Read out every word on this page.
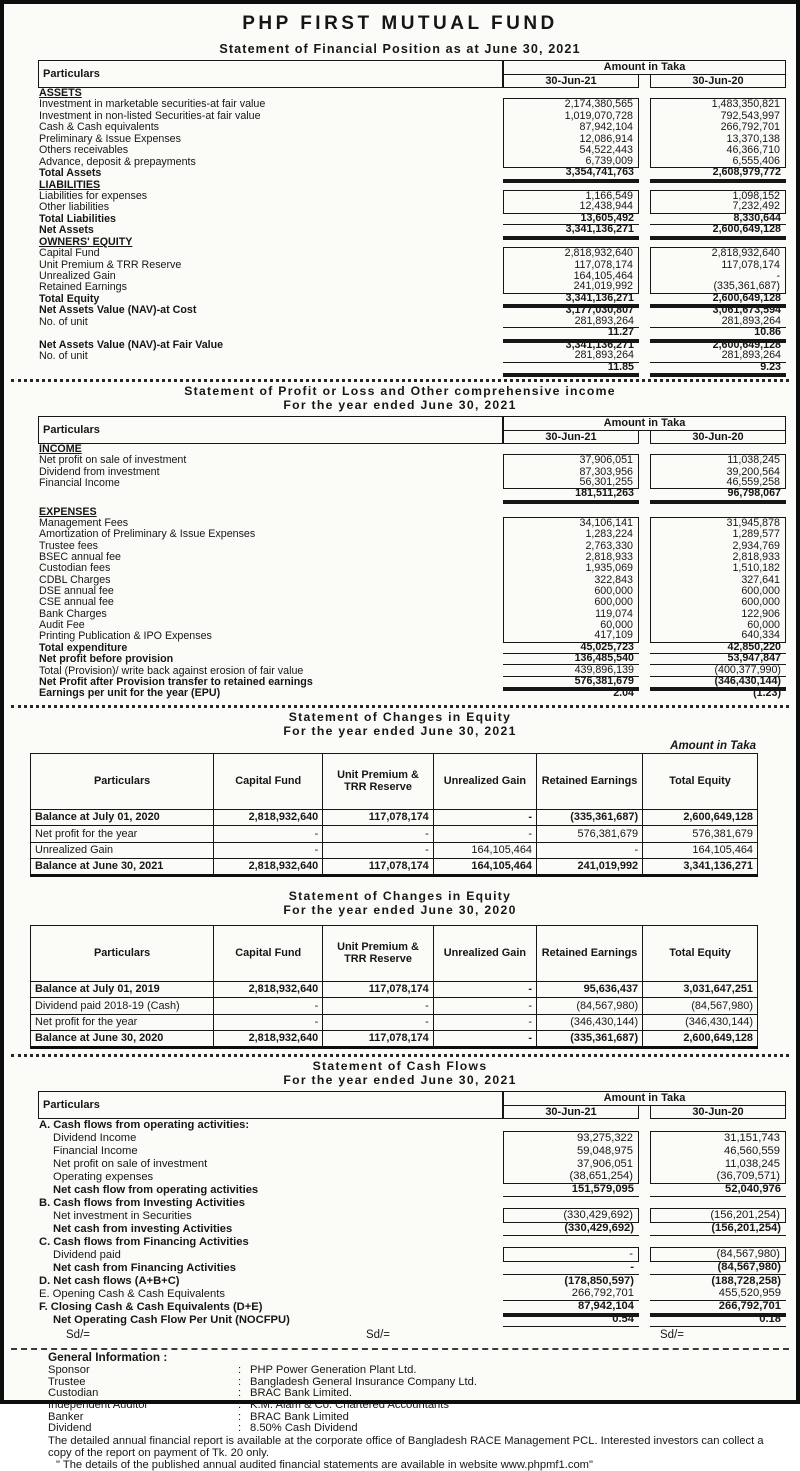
PHP FIRST MUTUAL FUND
Statement of Financial Position as at June 30, 2021
Particulars
Amount in Taka
30-Jun-21	30-Jun-20
ASSETS
Investment in marketable securities-at fair value	2,174,380,565	1,483,350,821
Investment in non-listed Securities-at fair value	1,019,070,728	792,543,997
Cash & Cash equivalents	87,942,104	266,792,701
Preliminary & Issue Expenses	12,086,914	13,370,138
Others receivables	54,522,443	46,366,710
Advance, deposit & prepayments	6,739,009	6,555,406
Total Assets	3,354,741,763	2,608,979,772
LIABILITIES
Liabilities for expenses	1,166,549	1,098,152
Other liabilities	12,438,944	7,232,492
Total Liabilities	13,605,492	8,330,644
Net Assets	3,341,136,271	2,600,649,128
OWNERS' EQUITY
Capital Fund	2,818,932,640	2,818,932,640
Unit Premium & TRR Reserve	117,078,174	117,078,174
Unrealized Gain	164,105,464	-
Retained Earnings	241,019,992	(335,361,687)
Total Equity	3,341,136,271	2,600,649,128
Net Assets Value (NAV)-at Cost	3,177,030,807	3,061,673,594
No. of unit	281,893,264	281,893,264
11.27	10.86
Net Assets Value (NAV)-at Fair Value	3,341,136,271	2,600,649,128
No. of unit	281,893,264	281,893,264
11.85	9.23
Statement of Profit or Loss and Other comprehensive income
For the year ended June 30, 2021
Particulars
Amount in Taka
30-Jun-21	30-Jun-20
INCOME
Net profit on sale of investment	37,906,051	11,038,245
Dividend from investment	87,303,956	39,200,564
Financial Income	56,301,255	46,559,258
181,511,263	96,798,067
EXPENSES
Management Fees	34,106,141	31,945,878
Amortization of Preliminary & Issue Expenses	1,283,224	1,289,577
Trustee fees	2,763,330	2,934,769
BSEC annual fee	2,818,933	2,818,933
Custodian fees	1,935,069	1,510,182
CDBL Charges	322,843	327,641
DSE annual fee	600,000	600,000
CSE annual fee	600,000	600,000
Bank Charges	119,074	122,906
Audit Fee	60,000	60,000
Printing Publication & IPO Expenses	417,109	640,334
Total expenditure	45,025,723	42,850,220
Net profit before provision	136,485,540	53,947,847
Total (Provision)/ write back against erosion of fair value	439,896,139	(400,377,990)
Net Profit after Provision transfer to retained earnings	576,381,679	(346,430,144)
Earnings per unit for the year (EPU)	2.04	(1.23)
Statement of Changes in Equity
For the year ended June 30, 2021
Amount in Taka
Particulars	Capital Fund	Unit Premium & TRR Reserve	Unrealized Gain	Retained Earnings	Total Equity
Balance at July 01, 2020	2,818,932,640	117,078,174	-	(335,361,687)	2,600,649,128
Net profit for the year	-	-	-	576,381,679	576,381,679
Unrealized Gain	-	-	164,105,464	-	164,105,464
Balance at June 30, 2021	2,818,932,640	117,078,174	164,105,464	241,019,992	3,341,136,271
Statement of Changes in Equity
For the year ended June 30, 2020
Particulars	Capital Fund	Unit Premium & TRR Reserve	Unrealized Gain	Retained Earnings	Total Equity
Balance at July 01, 2019	2,818,932,640	117,078,174	-	95,636,437	3,031,647,251
Dividend paid 2018-19 (Cash)	-	-	-	(84,567,980)	(84,567,980)
Net profit for the year	-	-	-	(346,430,144)	(346,430,144)
Balance at June 30, 2020	2,818,932,640	117,078,174	-	(335,361,687)	2,600,649,128
Statement of Cash Flows
For the year ended June 30, 2021
Particulars
Amount in Taka
30-Jun-21	30-Jun-20
A. Cash flows from operating activities:
Dividend Income	93,275,322	31,151,743
Financial Income	59,048,975	46,560,559
Net profit on sale of investment	37,906,051	11,038,245
Operating expenses	(38,651,254)	(36,709,571)
Net cash flow from operating activities	151,579,095	52,040,976
B. Cash flows from Investing Activities
Net investment in Securities	(330,429,692)	(156,201,254)
Net cash from investing Activities	(330,429,692)	(156,201,254)
C. Cash flows from Financing Activities
Dividend paid	-	(84,567,980)
Net cash from Financing Activities	-	(84,567,980)
D. Net cash flows (A+B+C)	(178,850,597)	(188,728,258)
E. Opening Cash & Cash Equivalents	266,792,701	455,520,959
F. Closing Cash & Cash Equivalents (D+E)	87,942,104	266,792,701
Net Operating Cash Flow Per Unit (NOCFPU)	0.54	0.18
Sd/=	Sd/=	Sd/=
General Information :
Sponsor	: PHP Power Generation Plant Ltd.
Trustee	: Bangladesh General Insurance Company Ltd.
Custodian	: BRAC Bank Limited.
Independent Auditor	: K.M. Alam & Co. Chartered Accountants
Banker	: BRAC Bank Limited
Dividend	: 8.50% Cash Dividend
The detailed annual financial report is available at the corporate office of Bangladesh RACE Management PCL. Interested investors can collect a copy of the report on payment of Tk. 20 only.
" The details of the published annual audited financial statements are available in website www.phpmf1.com"
